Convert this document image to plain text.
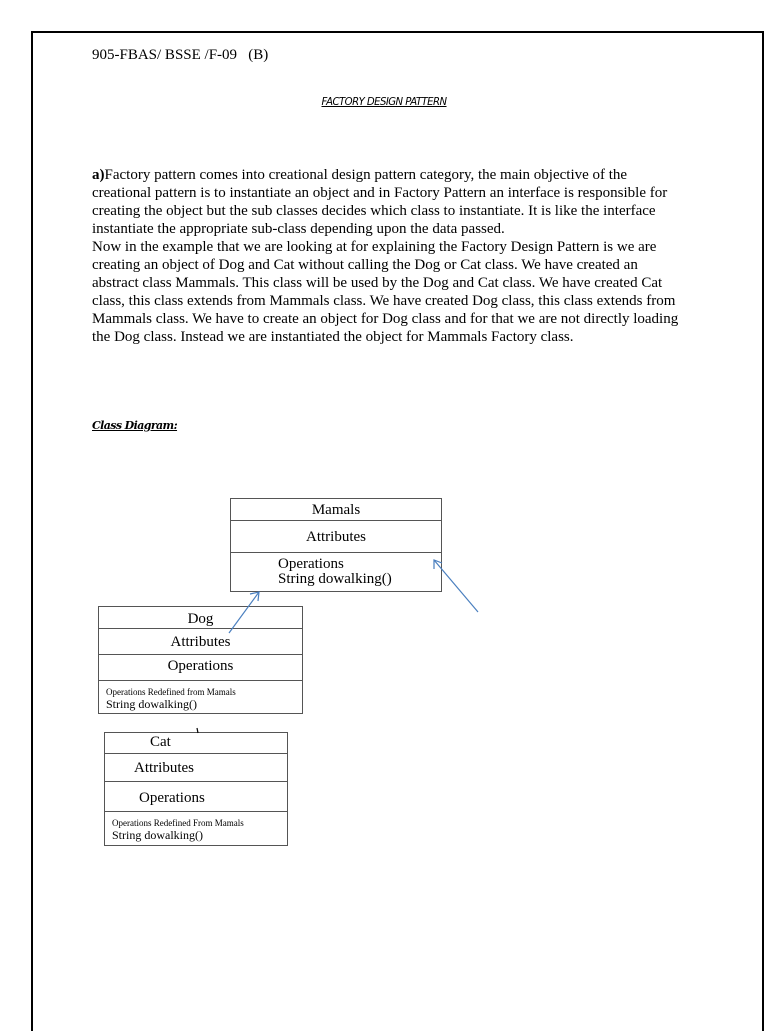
905-FBAS/ BSSE /F-09   (B)
FACTORY DESIGN PATTERN

a)Factory pattern comes into creational design pattern category, the main objective of the creational pattern is to instantiate an object and in Factory Pattern an interface is responsible for creating the object but the sub classes decides which class to instantiate. It is like the interface instantiate the appropriate sub-class depending upon the data passed.

Now in the example that we are looking at for explaining the Factory Design Pattern is we are creating an object of Dog and Cat without calling the Dog or Cat class. We have created an abstract class Mammals. This class will be used by the Dog and Cat class. We have created Cat class, this class extends from Mammals class. We have created Dog class, this class extends from Mammals class. We have to create an object for Dog class and for that we are not directly loading the Dog class. Instead we are instantiated the object for Mammals Factory class.

Class Diagram:
Mamals
Attributes
Operations
String dowalking()
Dog
Attributes
Operations
Operations Redefined from Mamals
String dowalking()
Cat
Attributes
Operations
Operations Redefined From Mamals
String dowalking()
